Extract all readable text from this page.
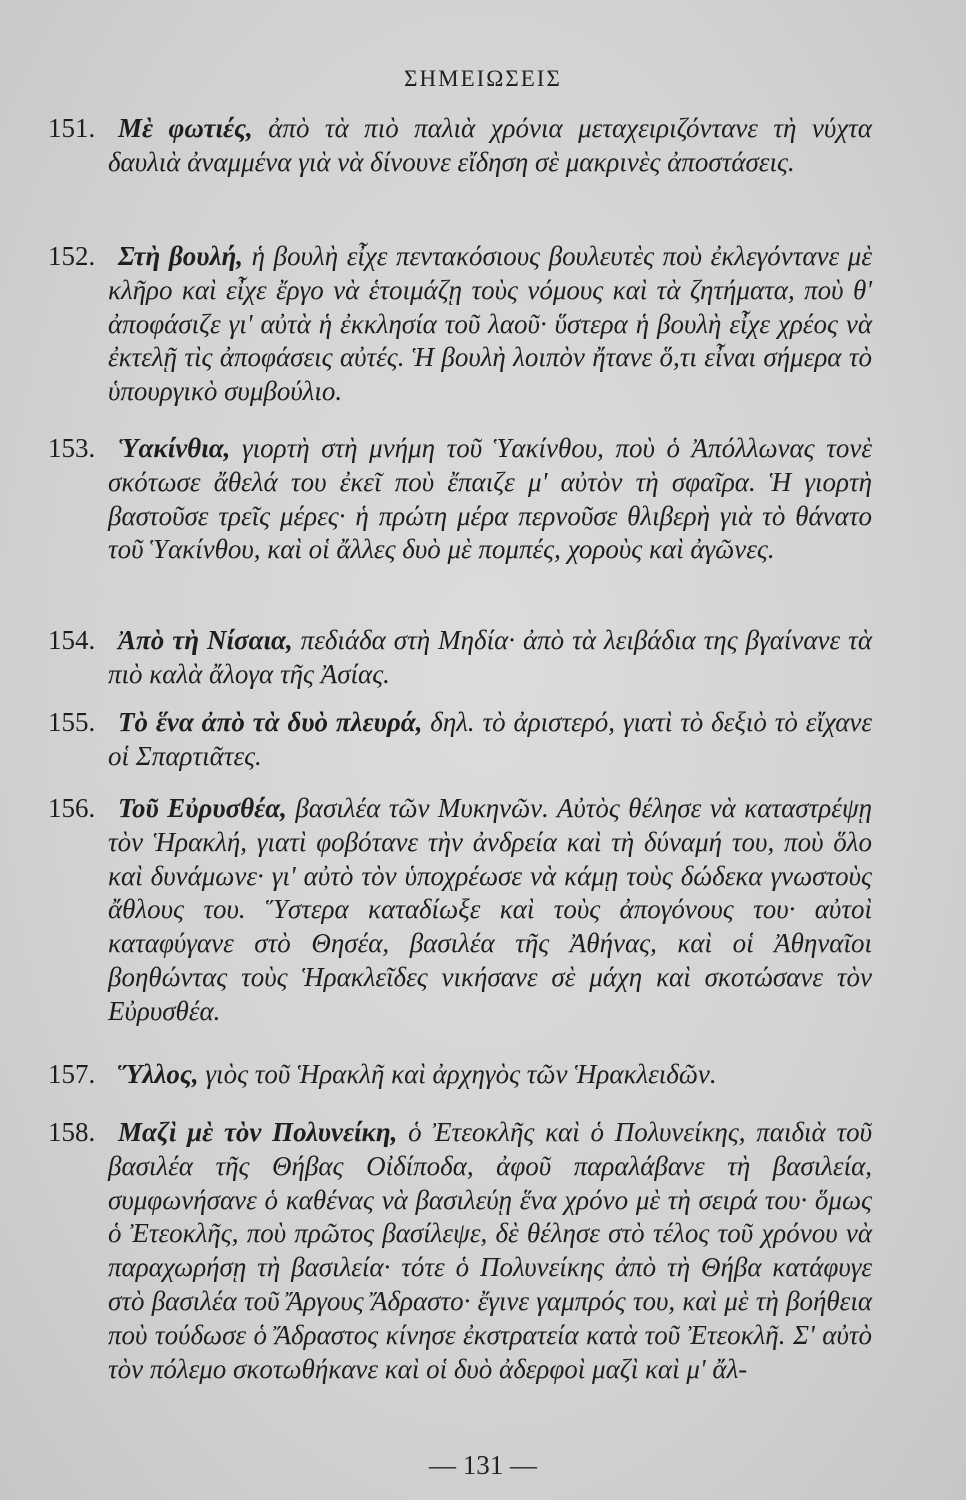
ΣΗΜΕΙΩΣΕΙΣ

151. Μὲ φωτιές, ἀπὸ τὰ πιὸ παλιὰ χρόνια μεταχειριζόντανε τὴ νύχτα δαυλιὰ ἀναμμένα γιὰ νὰ δίνουνε εἴδηση σὲ μακρινὲς ἀποστάσεις.

152. Στὴ βουλή, ἡ βουλὴ εἶχε πεντακόσιους βουλευτὲς ποὺ ἐκλεγόντανε μὲ κλῆρο καὶ εἶχε ἔργο νὰ ἑτοιμάζῃ τοὺς νόμους καὶ τὰ ζητήματα, ποὺ θ' ἀποφάσιζε γι' αὐτὰ ἡ ἐκκλησία τοῦ λαοῦ· ὕστερα ἡ βουλὴ εἶχε χρέος νὰ ἐκτελῇ τὶς ἀποφάσεις αὐτές. Ἡ βουλὴ λοιπὸν ἤτανε ὅ,τι εἶναι σήμερα τὸ ὑπουργικὸ συμβούλιο.

153. Ὑακίνθια, γιορτὴ στὴ μνήμη τοῦ Ὑακίνθου, ποὺ ὁ Ἀπόλλωνας τονὲ σκότωσε ἄθελά του ἐκεῖ ποὺ ἔπαιζε μ' αὐτὸν τὴ σφαῖρα. Ἡ γιορτὴ βαστοῦσε τρεῖς μέρες· ἡ πρώτη μέρα περνοῦσε θλιβερὴ γιὰ τὸ θάνατο τοῦ Ὑακίνθου, καὶ οἱ ἄλλες δυὸ μὲ πομπές, χοροὺς καὶ ἀγῶνες.

154. Ἀπὸ τὴ Νίσαια, πεδιάδα στὴ Μηδία· ἀπὸ τὰ λειβάδια της βγαίνανε τὰ πιὸ καλὰ ἄλογα τῆς Ἀσίας.

155. Τὸ ἕνα ἀπὸ τὰ δυὸ πλευρά, δηλ. τὸ ἀριστερό, γιατὶ τὸ δεξιὸ τὸ εἴχανε οἱ Σπαρτιᾶτες.

156. Τοῦ Εὐρυσθέα, βασιλέα τῶν Μυκηνῶν. Αὐτὸς θέλησε νὰ καταστρέψῃ τὸν Ἡρακλή, γιατὶ φοβότανε τὴν ἀνδρεία καὶ τὴ δύναμή του, ποὺ ὅλο καὶ δυνάμωνε· γι' αὐτὸ τὸν ὑποχρέωσε νὰ κάμῃ τοὺς δώδεκα γνωστοὺς ἄθλους του. Ὕστερα καταδίωξε καὶ τοὺς ἀπογόνους του· αὐτοὶ καταφύγανε στὸ Θησέα, βασιλέα τῆς Ἀθήνας, καὶ οἱ Ἀθηναῖοι βοηθώντας τοὺς Ἡρακλεῖδες νικήσανε σὲ μάχη καὶ σκοτώσανε τὸν Εὐρυσθέα.

157. Ὕλλος, γιὸς τοῦ Ἡρακλῆ καὶ ἀρχηγὸς τῶν Ἡρακλειδῶν.

158. Μαζὶ μὲ τὸν Πολυνείκη, ὁ Ἐτεοκλῆς καὶ ὁ Πολυνείκης, παιδιὰ τοῦ βασιλέα τῆς Θήβας Οἰδίποδα, ἀφοῦ παραλάβανε τὴ βασιλεία, συμφωνήσανε ὁ καθένας νὰ βασιλεύῃ ἕνα χρόνο μὲ τὴ σειρά του· ὅμως ὁ Ἐτεοκλῆς, ποὺ πρῶτος βασίλεψε, δὲ θέλησε στὸ τέλος τοῦ χρόνου νὰ παραχωρήσῃ τὴ βασιλεία· τότε ὁ Πολυνείκης ἀπὸ τὴ Θήβα κατάφυγε στὸ βασιλέα τοῦ Ἄργους Ἄδραστο· ἔγινε γαμπρός του, καὶ μὲ τὴ βοήθεια ποὺ τούδωσε ὁ Ἄδραστος κίνησε ἐκστρατεία κατὰ τοῦ Ἐτεοκλῆ. Σ' αὐτὸ τὸν πόλεμο σκοτωθήκανε καὶ οἱ δυὸ ἀδερφοὶ μαζὶ καὶ μ' ἄλ-

— 131 —
